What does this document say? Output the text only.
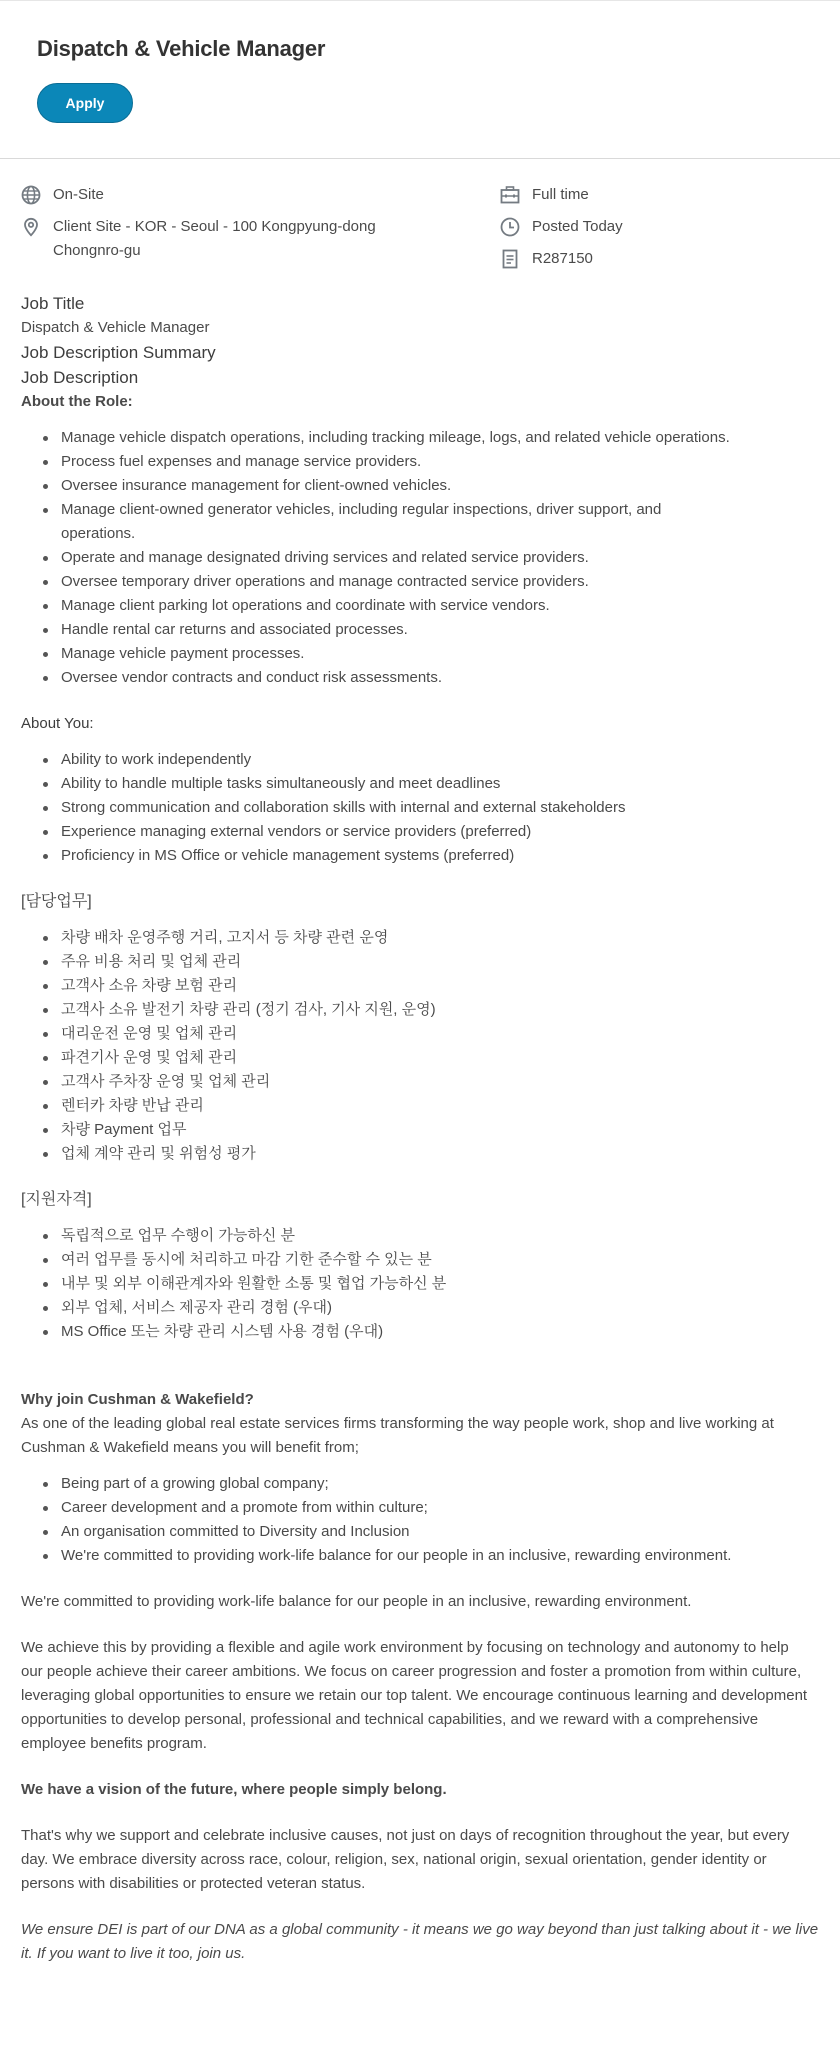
Dispatch & Vehicle Manager
Apply
On-Site
Client Site - KOR - Seoul - 100 Kongpyung-dong Chongnro-gu
Full time
Posted Today
R287150
Job Title
Dispatch & Vehicle Manager
Job Description Summary
Job Description
About the Role:
Manage vehicle dispatch operations, including tracking mileage, logs, and related vehicle operations.
Process fuel expenses and manage service providers.
Oversee insurance management for client-owned vehicles.
Manage client-owned generator vehicles, including regular inspections, driver support, and operations.
Operate and manage designated driving services and related service providers.
Oversee temporary driver operations and manage contracted service providers.
Manage client parking lot operations and coordinate with service vendors.
Handle rental car returns and associated processes.
Manage vehicle payment processes.
Oversee vendor contracts and conduct risk assessments.
About You:
Ability to work independently
Ability to handle multiple tasks simultaneously and meet deadlines
Strong communication and collaboration skills with internal and external stakeholders
Experience managing external vendors or service providers (preferred)
Proficiency in MS Office or vehicle management systems (preferred)
[담당업무]
차량 배차 운영주행 거리, 고지서 등 차량 관련 운영
주유 비용 처리 및 업체 관리
고객사 소유 차량 보험 관리
고객사 소유 발전기 차량 관리 (정기 검사, 기사 지원, 운영)
대리운전 운영 및 업체 관리
파견기사 운영 및 업체 관리
고객사 주차장 운영 및 업체 관리
렌터카 차량 반납 관리
차량 Payment 업무
업체 계약 관리 및 위험성 평가
[지원자격]
독립적으로 업무 수행이 가능하신 분
여러 업무를 동시에 처리하고 마감 기한 준수할 수 있는 분
내부 및 외부 이해관계자와 원활한 소통 및 협업 가능하신 분
외부 업체, 서비스 제공자 관리 경험 (우대)
MS Office 또는 차량 관리 시스템 사용 경험 (우대)
Why join Cushman & Wakefield?
As one of the leading global real estate services firms transforming the way people work, shop and live working at Cushman & Wakefield means you will benefit from;
Being part of a growing global company;
Career development and a promote from within culture;
An organisation committed to Diversity and Inclusion
We're committed to providing work-life balance for our people in an inclusive, rewarding environment.

We're committed to providing work-life balance for our people in an inclusive, rewarding environment.

We achieve this by providing a flexible and agile work environment by focusing on technology and autonomy to help our people achieve their career ambitions. We focus on career progression and foster a promotion from within culture, leveraging global opportunities to ensure we retain our top talent. We encourage continuous learning and development opportunities to develop personal, professional and technical capabilities, and we reward with a comprehensive employee benefits program.

We have a vision of the future, where people simply belong.

That's why we support and celebrate inclusive causes, not just on days of recognition throughout the year, but every day. We embrace diversity across race, colour, religion, sex, national origin, sexual orientation, gender identity or persons with disabilities or protected veteran status.

We ensure DEI is part of our DNA as a global community - it means we go way beyond than just talking about it - we live it. If you want to live it too, join us.
